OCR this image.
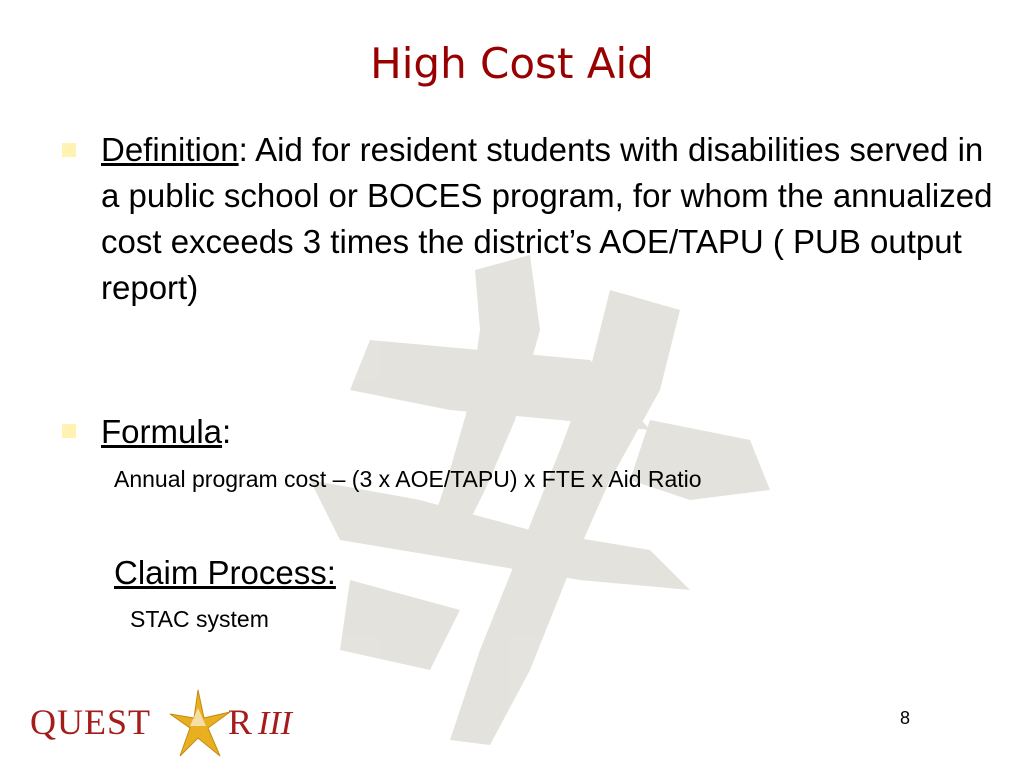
High Cost Aid
Definition: Aid for resident students with disabilities served in a public school or BOCES program, for whom the annualized cost exceeds 3 times the district’s AOE/TAPU ( PUB output report)
Formula:
Annual program cost – (3 x AOE/TAPU) x FTE x Aid Ratio
Claim Process:
STAC system
8
QUEST R III
